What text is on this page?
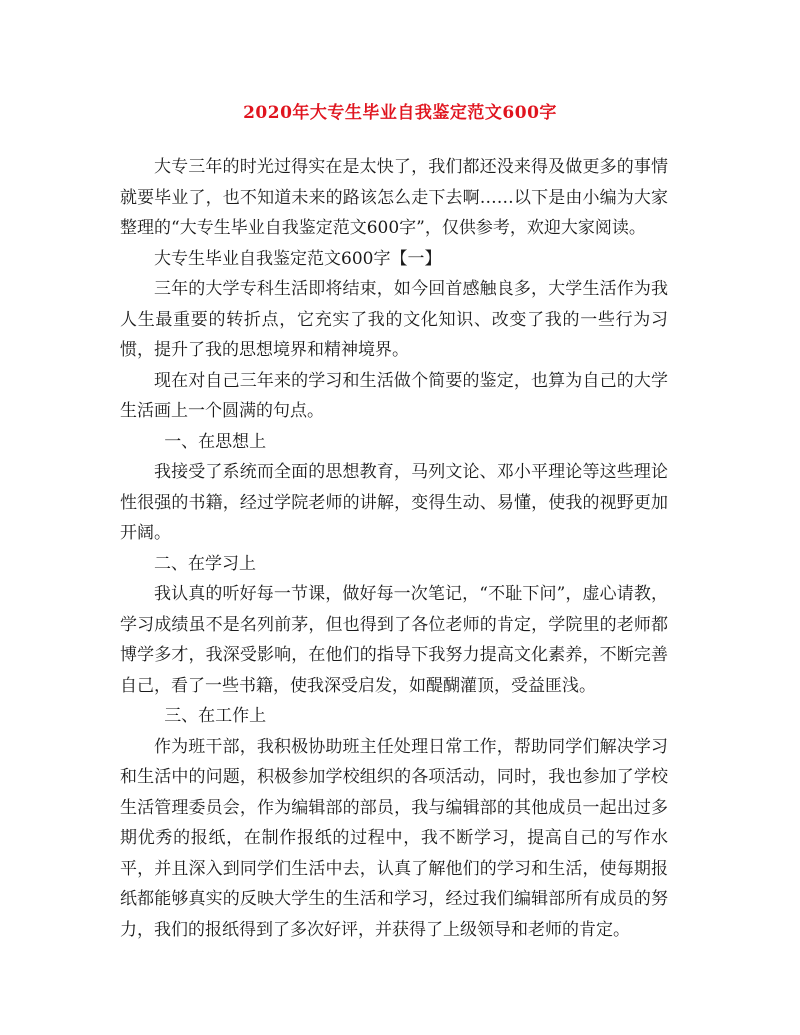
2020年大专生毕业自我鉴定范文600字

大专三年的时光过得实在是太快了，我们都还没来得及做更多的事情就要毕业了，也不知道未来的路该怎么走下去啊……以下是由小编为大家整理的“大专生毕业自我鉴定范文600字”，仅供参考，欢迎大家阅读。

大专生毕业自我鉴定范文600字【一】

三年的大学专科生活即将结束，如今回首感触良多，大学生活作为我人生最重要的转折点，它充实了我的文化知识、改变了我的一些行为习惯，提升了我的思想境界和精神境界。

现在对自己三年来的学习和生活做个简要的鉴定，也算为自己的大学生活画上一个圆满的句点。

一、在思想上

我接受了系统而全面的思想教育，马列文论、邓小平理论等这些理论性很强的书籍，经过学院老师的讲解，变得生动、易懂，使我的视野更加开阔。

二、在学习上

我认真的听好每一节课，做好每一次笔记，“不耻下问”，虚心请教，学习成绩虽不是名列前茅，但也得到了各位老师的肯定，学院里的老师都博学多才，我深受影响，在他们的指导下我努力提高文化素养，不断完善自己，看了一些书籍，使我深受启发，如醍醐灌顶，受益匪浅。

三、在工作上

作为班干部，我积极协助班主任处理日常工作，帮助同学们解决学习和生活中的问题，积极参加学校组织的各项活动，同时，我也参加了学校生活管理委员会，作为编辑部的部员，我与编辑部的其他成员一起出过多期优秀的报纸，在制作报纸的过程中，我不断学习，提高自己的写作水平，并且深入到同学们生活中去，认真了解他们的学习和生活，使每期报纸都能够真实的反映大学生的生活和学习，经过我们编辑部所有成员的努力，我们的报纸得到了多次好评，并获得了上级领导和老师的肯定。
